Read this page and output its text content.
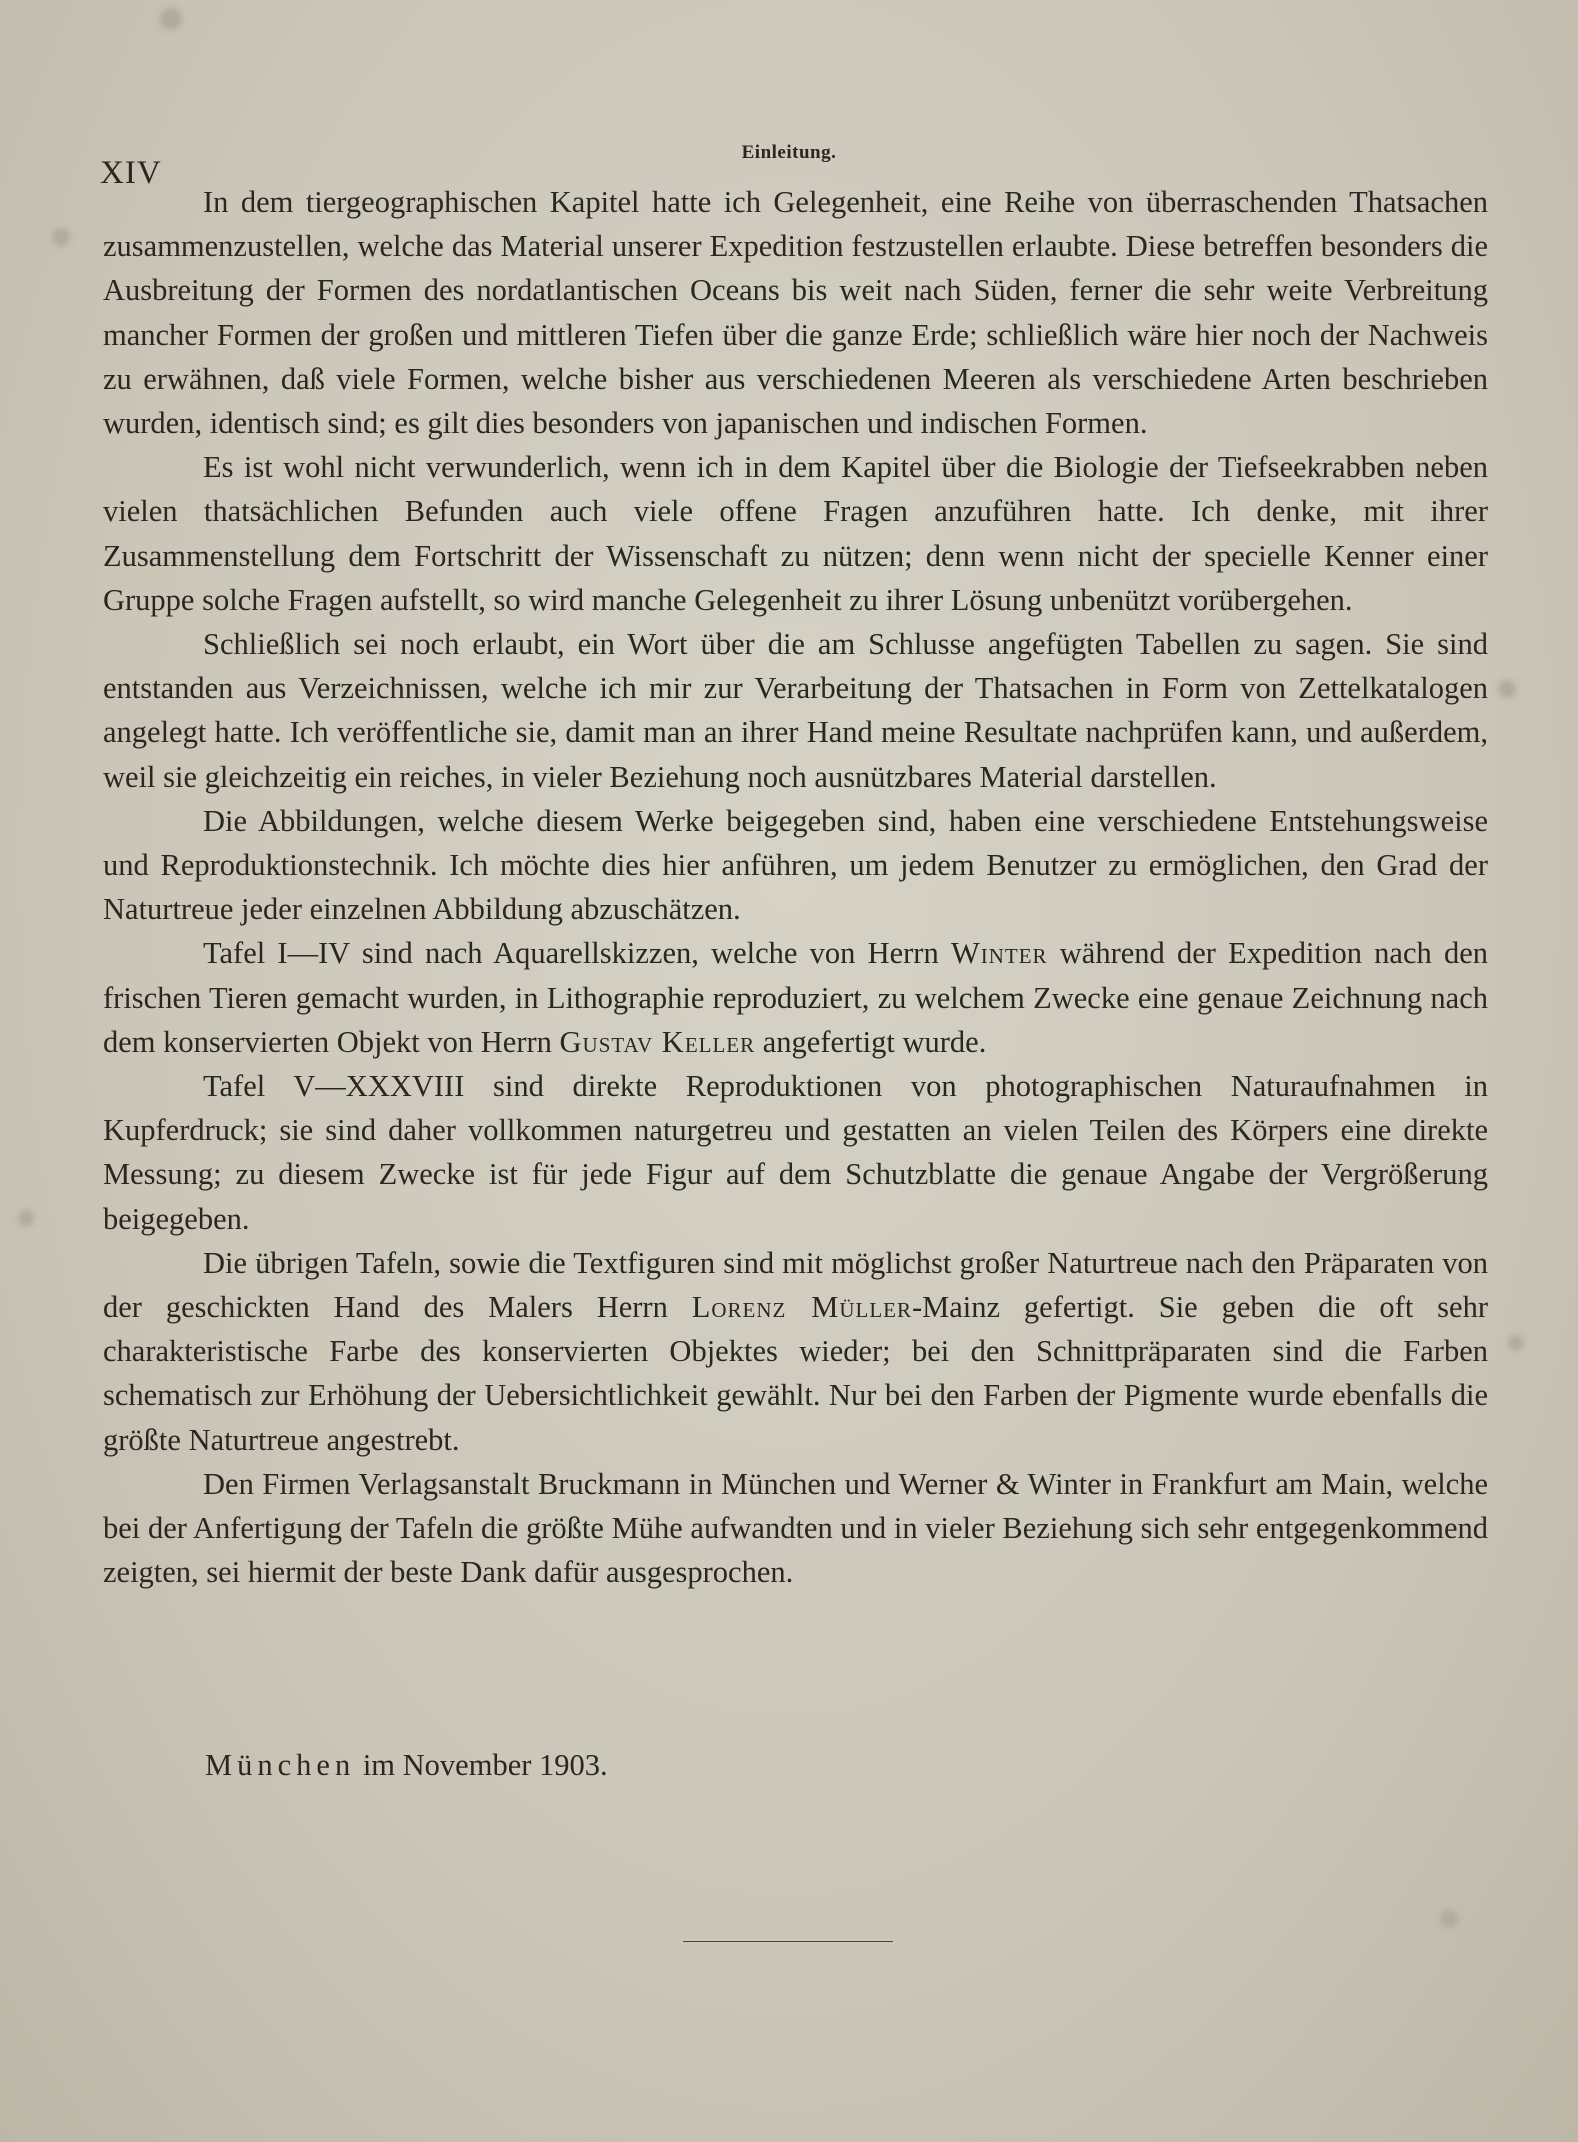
XIV
Einleitung.

In dem tiergeographischen Kapitel hatte ich Gelegenheit, eine Reihe von überraschenden Thatsachen zusammenzustellen, welche das Material unserer Expedition festzustellen erlaubte. Diese betreffen besonders die Ausbreitung der Formen des nordatlantischen Oceans bis weit nach Süden, ferner die sehr weite Verbreitung mancher Formen der großen und mittleren Tiefen über die ganze Erde; schließlich wäre hier noch der Nachweis zu erwähnen, daß viele Formen, welche bisher aus verschiedenen Meeren als verschiedene Arten beschrieben wurden, identisch sind; es gilt dies besonders von japanischen und indischen Formen.

Es ist wohl nicht verwunderlich, wenn ich in dem Kapitel über die Biologie der Tiefseekrabben neben vielen thatsächlichen Befunden auch viele offene Fragen anzuführen hatte. Ich denke, mit ihrer Zusammenstellung dem Fortschritt der Wissenschaft zu nützen; denn wenn nicht der specielle Kenner einer Gruppe solche Fragen aufstellt, so wird manche Gelegenheit zu ihrer Lösung unbenützt vorübergehen.

Schließlich sei noch erlaubt, ein Wort über die am Schlusse angefügten Tabellen zu sagen. Sie sind entstanden aus Verzeichnissen, welche ich mir zur Verarbeitung der Thatsachen in Form von Zettelkatalogen angelegt hatte. Ich veröffentliche sie, damit man an ihrer Hand meine Resultate nachprüfen kann, und außerdem, weil sie gleichzeitig ein reiches, in vieler Beziehung noch ausnützbares Material darstellen.

Die Abbildungen, welche diesem Werke beigegeben sind, haben eine verschiedene Entstehungsweise und Reproduktionstechnik. Ich möchte dies hier anführen, um jedem Benutzer zu ermöglichen, den Grad der Naturtreue jeder einzelnen Abbildung abzuschätzen.

Tafel I—IV sind nach Aquarellskizzen, welche von Herrn Winter während der Expedition nach den frischen Tieren gemacht wurden, in Lithographie reproduziert, zu welchem Zwecke eine genaue Zeichnung nach dem konservierten Objekt von Herrn Gustav Keller angefertigt wurde.

Tafel V—XXXVIII sind direkte Reproduktionen von photographischen Naturaufnahmen in Kupferdruck; sie sind daher vollkommen naturgetreu und gestatten an vielen Teilen des Körpers eine direkte Messung; zu diesem Zwecke ist für jede Figur auf dem Schutzblatte die genaue Angabe der Vergrößerung beigegeben.

Die übrigen Tafeln, sowie die Textfiguren sind mit möglichst großer Naturtreue nach den Präparaten von der geschickten Hand des Malers Herrn Lorenz Müller-Mainz gefertigt. Sie geben die oft sehr charakteristische Farbe des konservierten Objektes wieder; bei den Schnittpräparaten sind die Farben schematisch zur Erhöhung der Uebersichtlichkeit gewählt. Nur bei den Farben der Pigmente wurde ebenfalls die größte Naturtreue angestrebt.

Den Firmen Verlagsanstalt Bruckmann in München und Werner & Winter in Frankfurt am Main, welche bei der Anfertigung der Tafeln die größte Mühe aufwandten und in vieler Beziehung sich sehr entgegenkommend zeigten, sei hiermit der beste Dank dafür ausgesprochen.

München im November 1903.
